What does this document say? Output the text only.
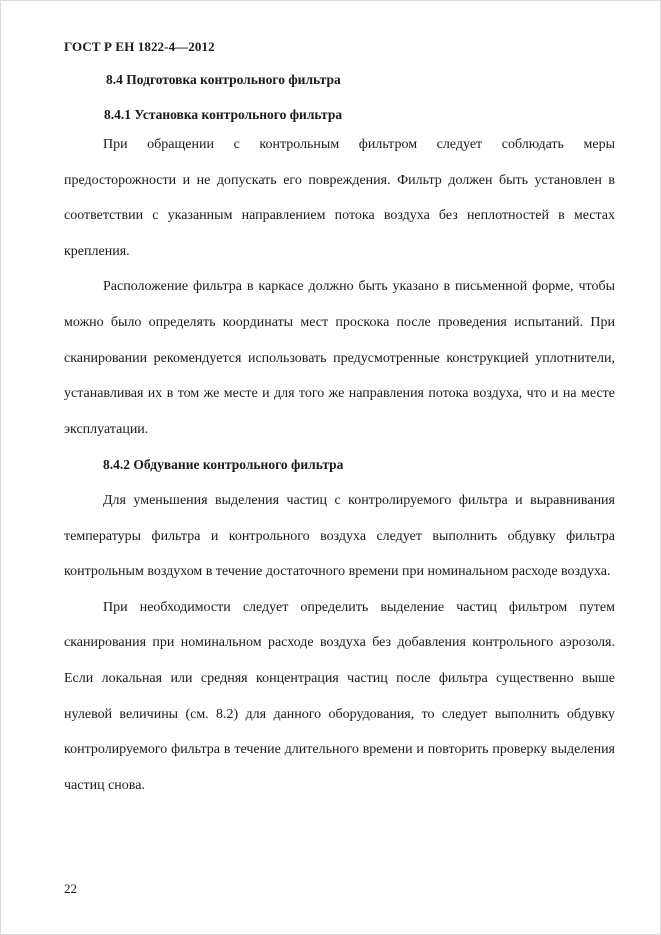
ГОСТ Р ЕН 1822-4—2012
8.4 Подготовка контрольного фильтра
8.4.1 Установка контрольного фильтра

При обращении с контрольным фильтром следует соблюдать меры предосторожности и не допускать его повреждения. Фильтр должен быть установлен в соответствии с указанным направлением потока воздуха без неплотностей в местах крепления.

Расположение фильтра в каркасе должно быть указано в письменной форме, чтобы можно было определять координаты мест проскока после проведения испытаний. При сканировании рекомендуется использовать предусмотренные конструкцией уплотнители, устанавливая их в том же месте и для того же направления потока воздуха, что и на месте эксплуатации.

8.4.2 Обдувание контрольного фильтра

Для уменьшения выделения частиц с контролируемого фильтра и выравнивания температуры фильтра и контрольного воздуха следует выполнить обдувку фильтра контрольным воздухом в течение достаточного времени при номинальном расходе воздуха.

При необходимости следует определить выделение частиц фильтром путем сканирования при номинальном расходе воздуха без добавления контрольного аэрозоля. Если локальная или средняя концентрация частиц после фильтра существенно выше нулевой величины (см. 8.2) для данного оборудования, то следует выполнить обдувку контролируемого фильтра в течение длительного времени и повторить проверку выделения частиц снова.

22
